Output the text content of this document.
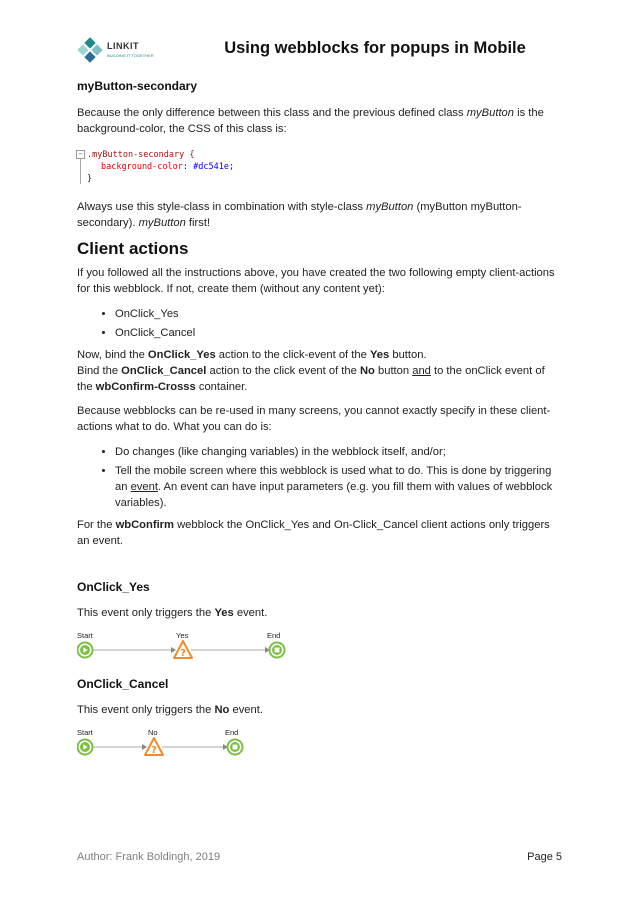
LINKIT
BUILDING IT TOGETHER	Using webblocks for popups in Mobile
myButton-secondary

Because the only difference between this class and the previous defined class myButton is the background-color, the CSS of this class is:

− .myButton-secondary {
background-color: #dc541e;
}

Always use this style-class in combination with style-class myButton (myButton myButton-secondary). myButton first!

Client actions

If you followed all the instructions above, you have created the two following empty client-actions for this webblock. If not, create them (without any content yet):

• OnClick_Yes
• OnClick_Cancel

Now, bind the OnClick_Yes action to the click-event of the Yes button.
Bind the OnClick_Cancel action to the click event of the No button and to the onClick event of the wbConfirm-Crosss container.

Because webblocks can be re-used in many screens, you cannot exactly specify in these client-actions what to do. What you can do is:

• Do changes (like changing variables) in the webblock itself, and/or;
• Tell the mobile screen where this webblock is used what to do. This is done by triggering an event. An event can have input parameters (e.g. you fill them with values of webblock variables).

For the wbConfirm webblock the OnClick_Yes and On-Click_Cancel client actions only triggers an event.

OnClick_Yes

This event only triggers the Yes event.

Start	Yes	End
?
OnClick_Cancel

This event only triggers the No event.

Start	No	End
?
Author: Frank Boldingh, 2019	Page 5
